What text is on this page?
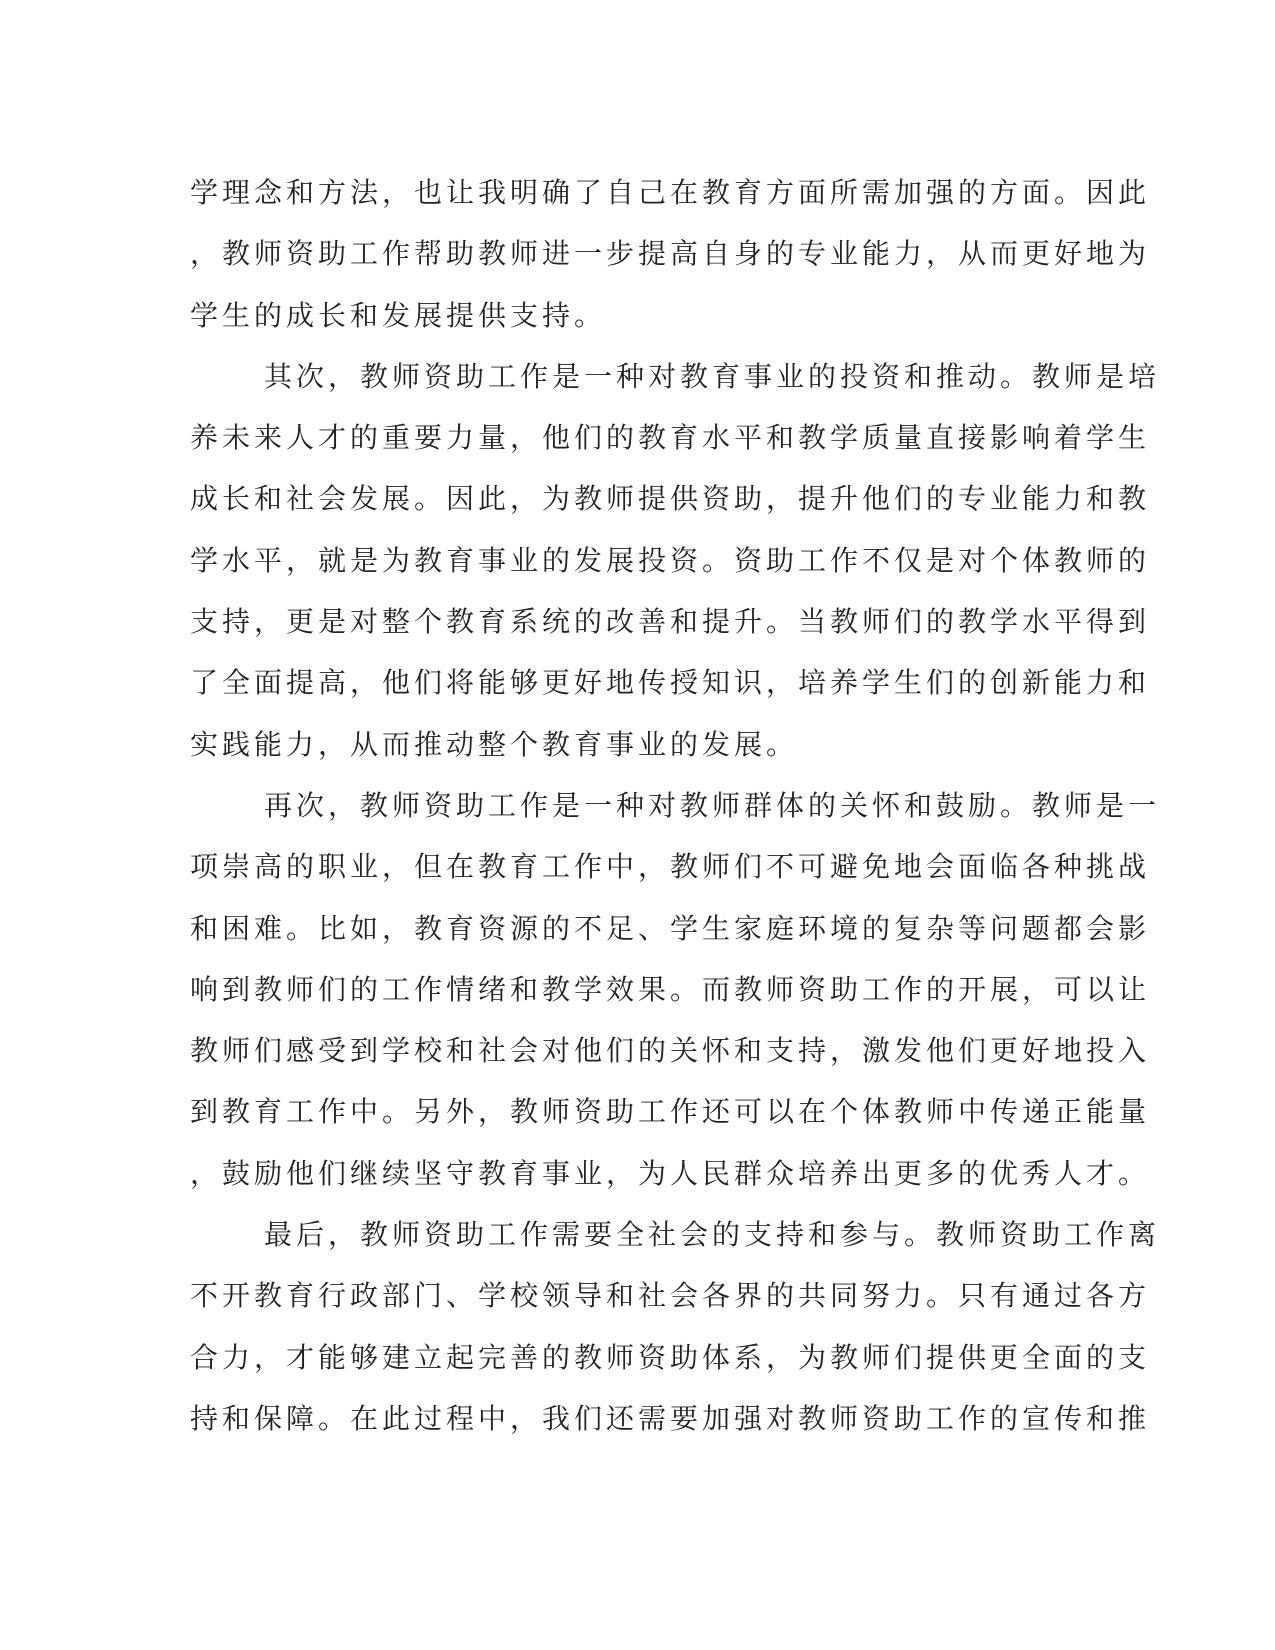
学理念和方法，也让我明确了自己在教育方面所需加强的方面。因此
，教师资助工作帮助教师进一步提高自身的专业能力，从而更好地为
学生的成长和发展提供支持。
其次，教师资助工作是一种对教育事业的投资和推动。教师是培
养未来人才的重要力量，他们的教育水平和教学质量直接影响着学生
成长和社会发展。因此，为教师提供资助，提升他们的专业能力和教
学水平，就是为教育事业的发展投资。资助工作不仅是对个体教师的
支持，更是对整个教育系统的改善和提升。当教师们的教学水平得到
了全面提高，他们将能够更好地传授知识，培养学生们的创新能力和
实践能力，从而推动整个教育事业的发展。
再次，教师资助工作是一种对教师群体的关怀和鼓励。教师是一
项崇高的职业，但在教育工作中，教师们不可避免地会面临各种挑战
和困难。比如，教育资源的不足、学生家庭环境的复杂等问题都会影
响到教师们的工作情绪和教学效果。而教师资助工作的开展，可以让
教师们感受到学校和社会对他们的关怀和支持，激发他们更好地投入
到教育工作中。另外，教师资助工作还可以在个体教师中传递正能量
，鼓励他们继续坚守教育事业，为人民群众培养出更多的优秀人才。
最后，教师资助工作需要全社会的支持和参与。教师资助工作离
不开教育行政部门、学校领导和社会各界的共同努力。只有通过各方
合力，才能够建立起完善的教师资助体系，为教师们提供更全面的支
持和保障。在此过程中，我们还需要加强对教师资助工作的宣传和推
